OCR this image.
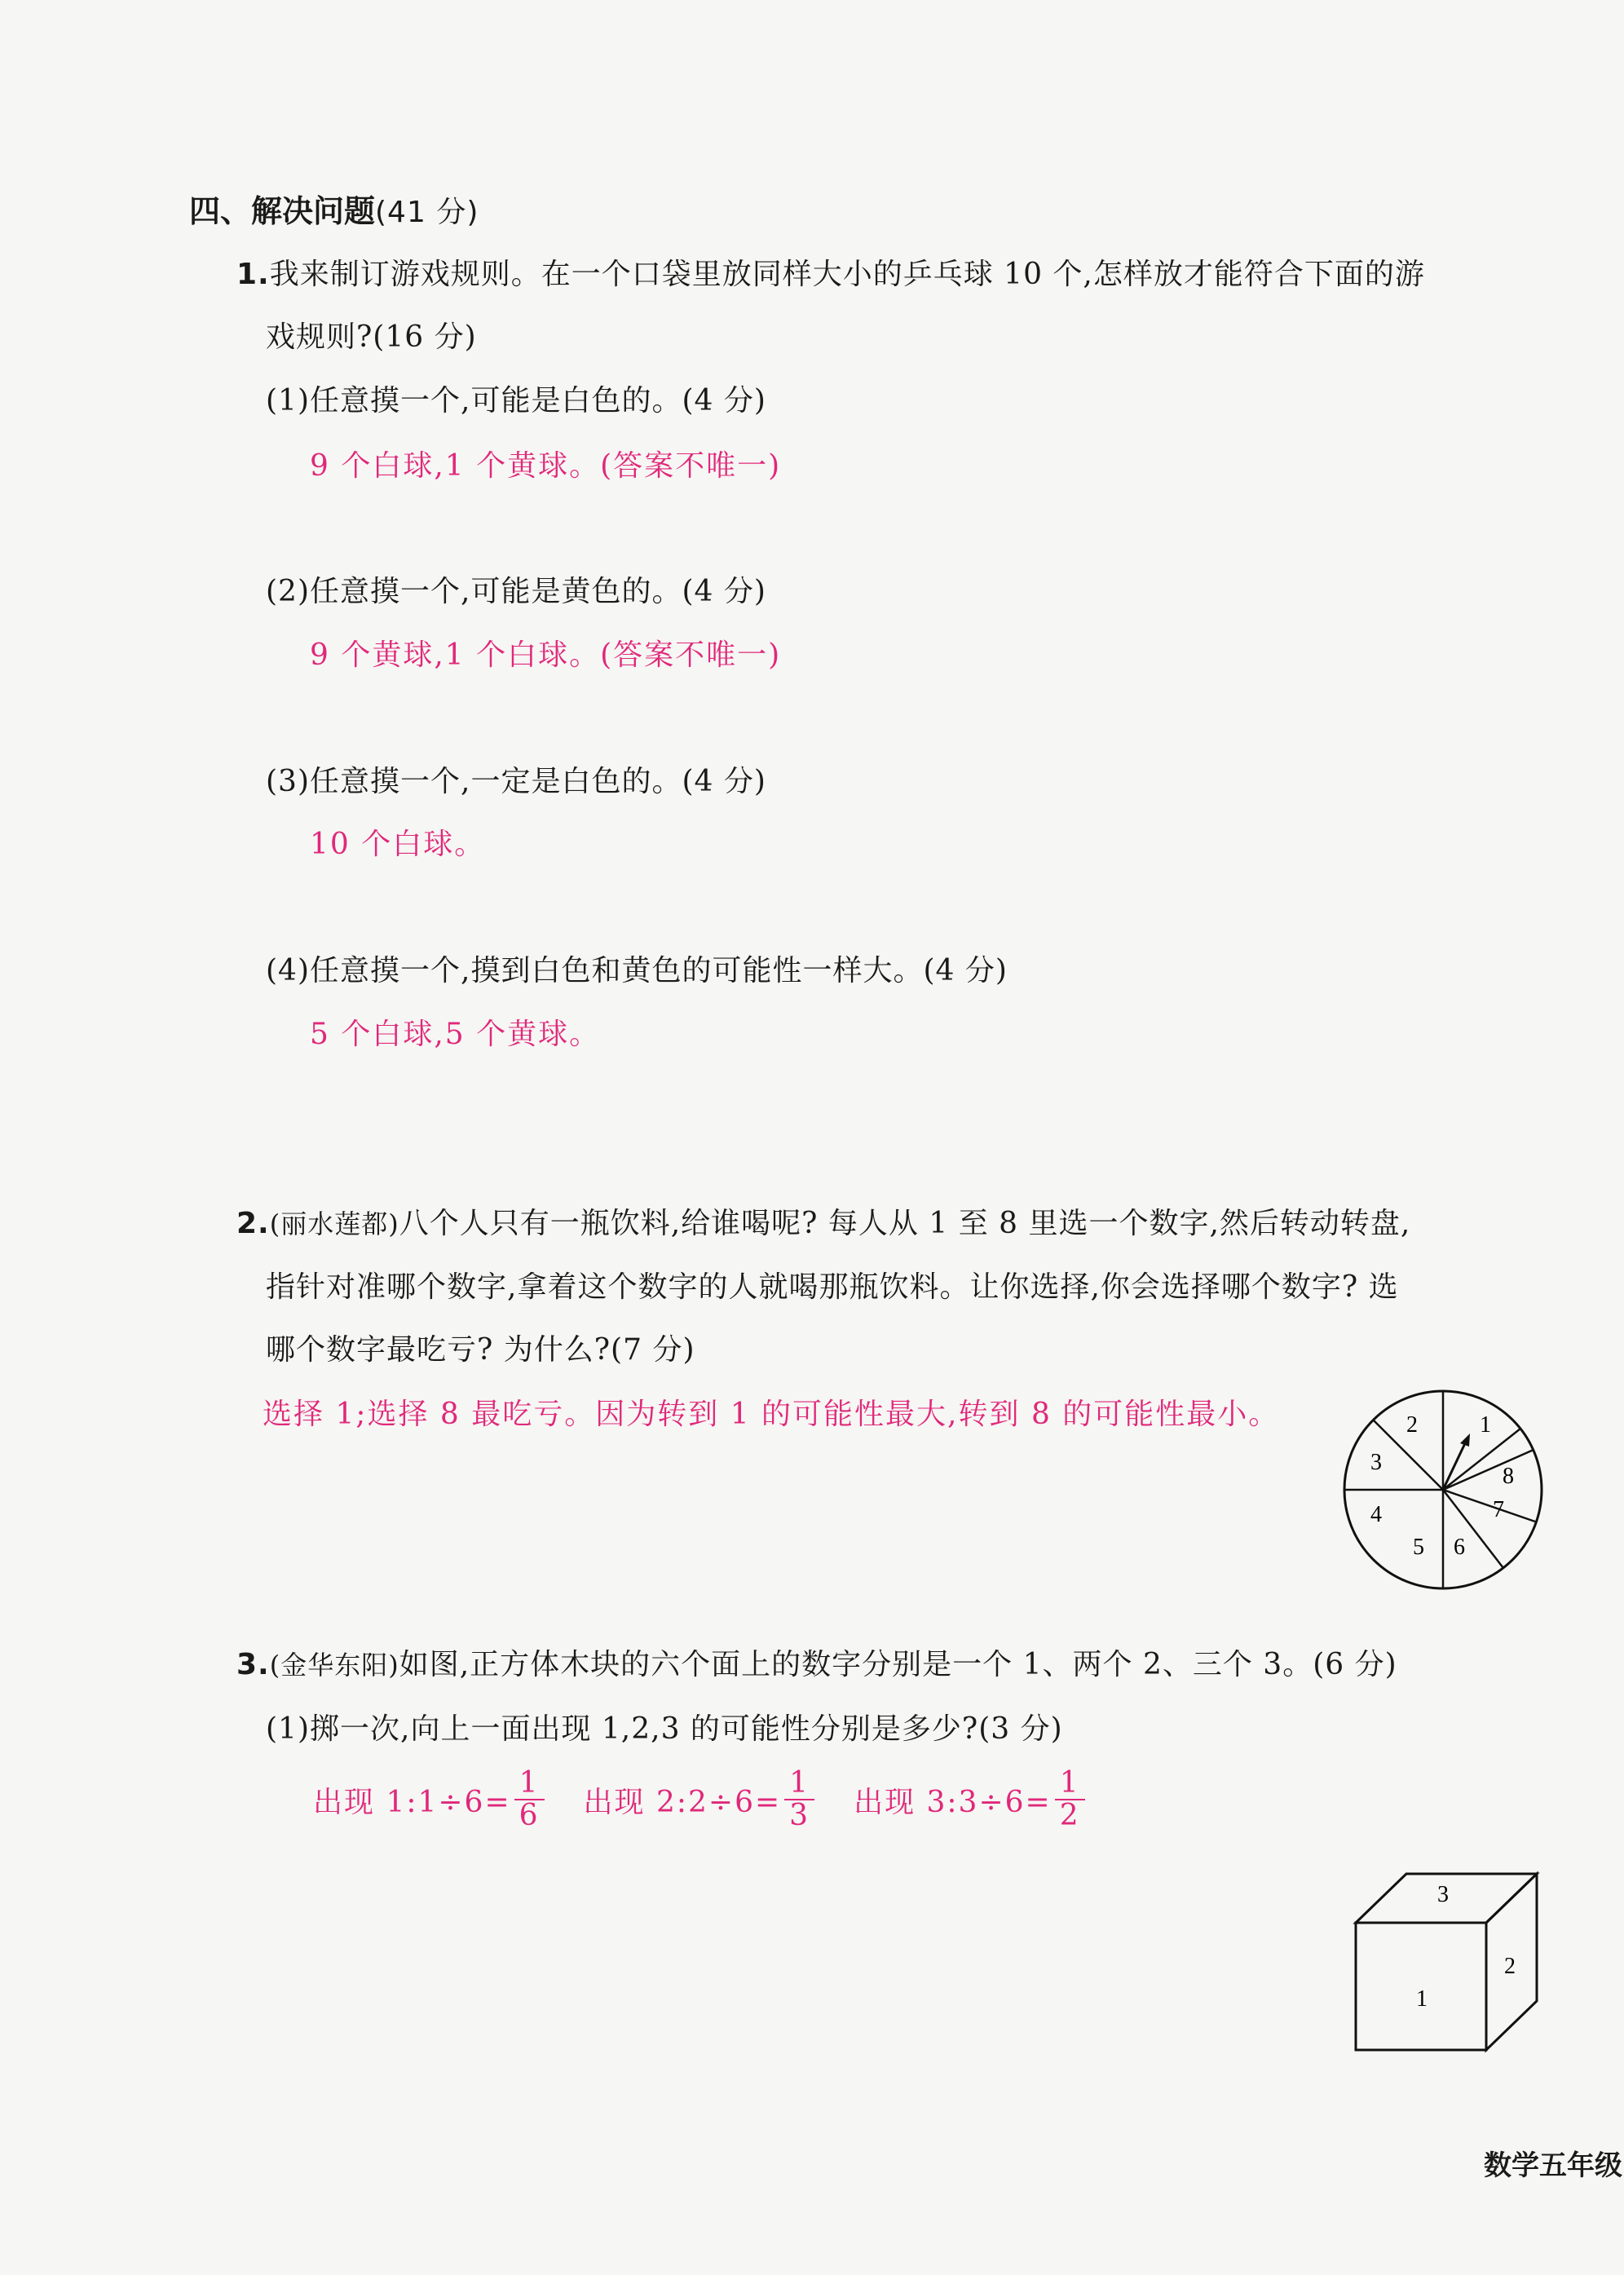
四、解决问题(41 分)
1.我来制订游戏规则。在一个口袋里放同样大小的乒乓球 10 个,怎样放才能符合下面的游
戏规则?(16 分)
(1)任意摸一个,可能是白色的。(4 分)
9 个白球,1 个黄球。(答案不唯一)
(2)任意摸一个,可能是黄色的。(4 分)
9 个黄球,1 个白球。(答案不唯一)
(3)任意摸一个,一定是白色的。(4 分)
10 个白球。
(4)任意摸一个,摸到白色和黄色的可能性一样大。(4 分)
5 个白球,5 个黄球。
2.(丽水莲都)八个人只有一瓶饮料,给谁喝呢? 每人从 1 至 8 里选一个数字,然后转动转盘,
指针对准哪个数字,拿着这个数字的人就喝那瓶饮料。让你选择,你会选择哪个数字? 选
哪个数字最吃亏? 为什么?(7 分)
选择 1;选择 8 最吃亏。因为转到 1 的可能性最大,转到 8 的可能性最小。	1
2
3
4
5 6
7
8
3.(金华东阳)如图,正方体木块的六个面上的数字分别是一个 1、两个 2、三个 3。(6 分)
(1)掷一次,向上一面出现 1,2,3 的可能性分别是多少?(3 分)
出现 1:1÷6= $\frac{1}{6}$ 出现 2:2÷6= $\frac{1}{3}$ 出现 3:3÷6= $\frac{1}{2}$
3
2
1
数学五年级
